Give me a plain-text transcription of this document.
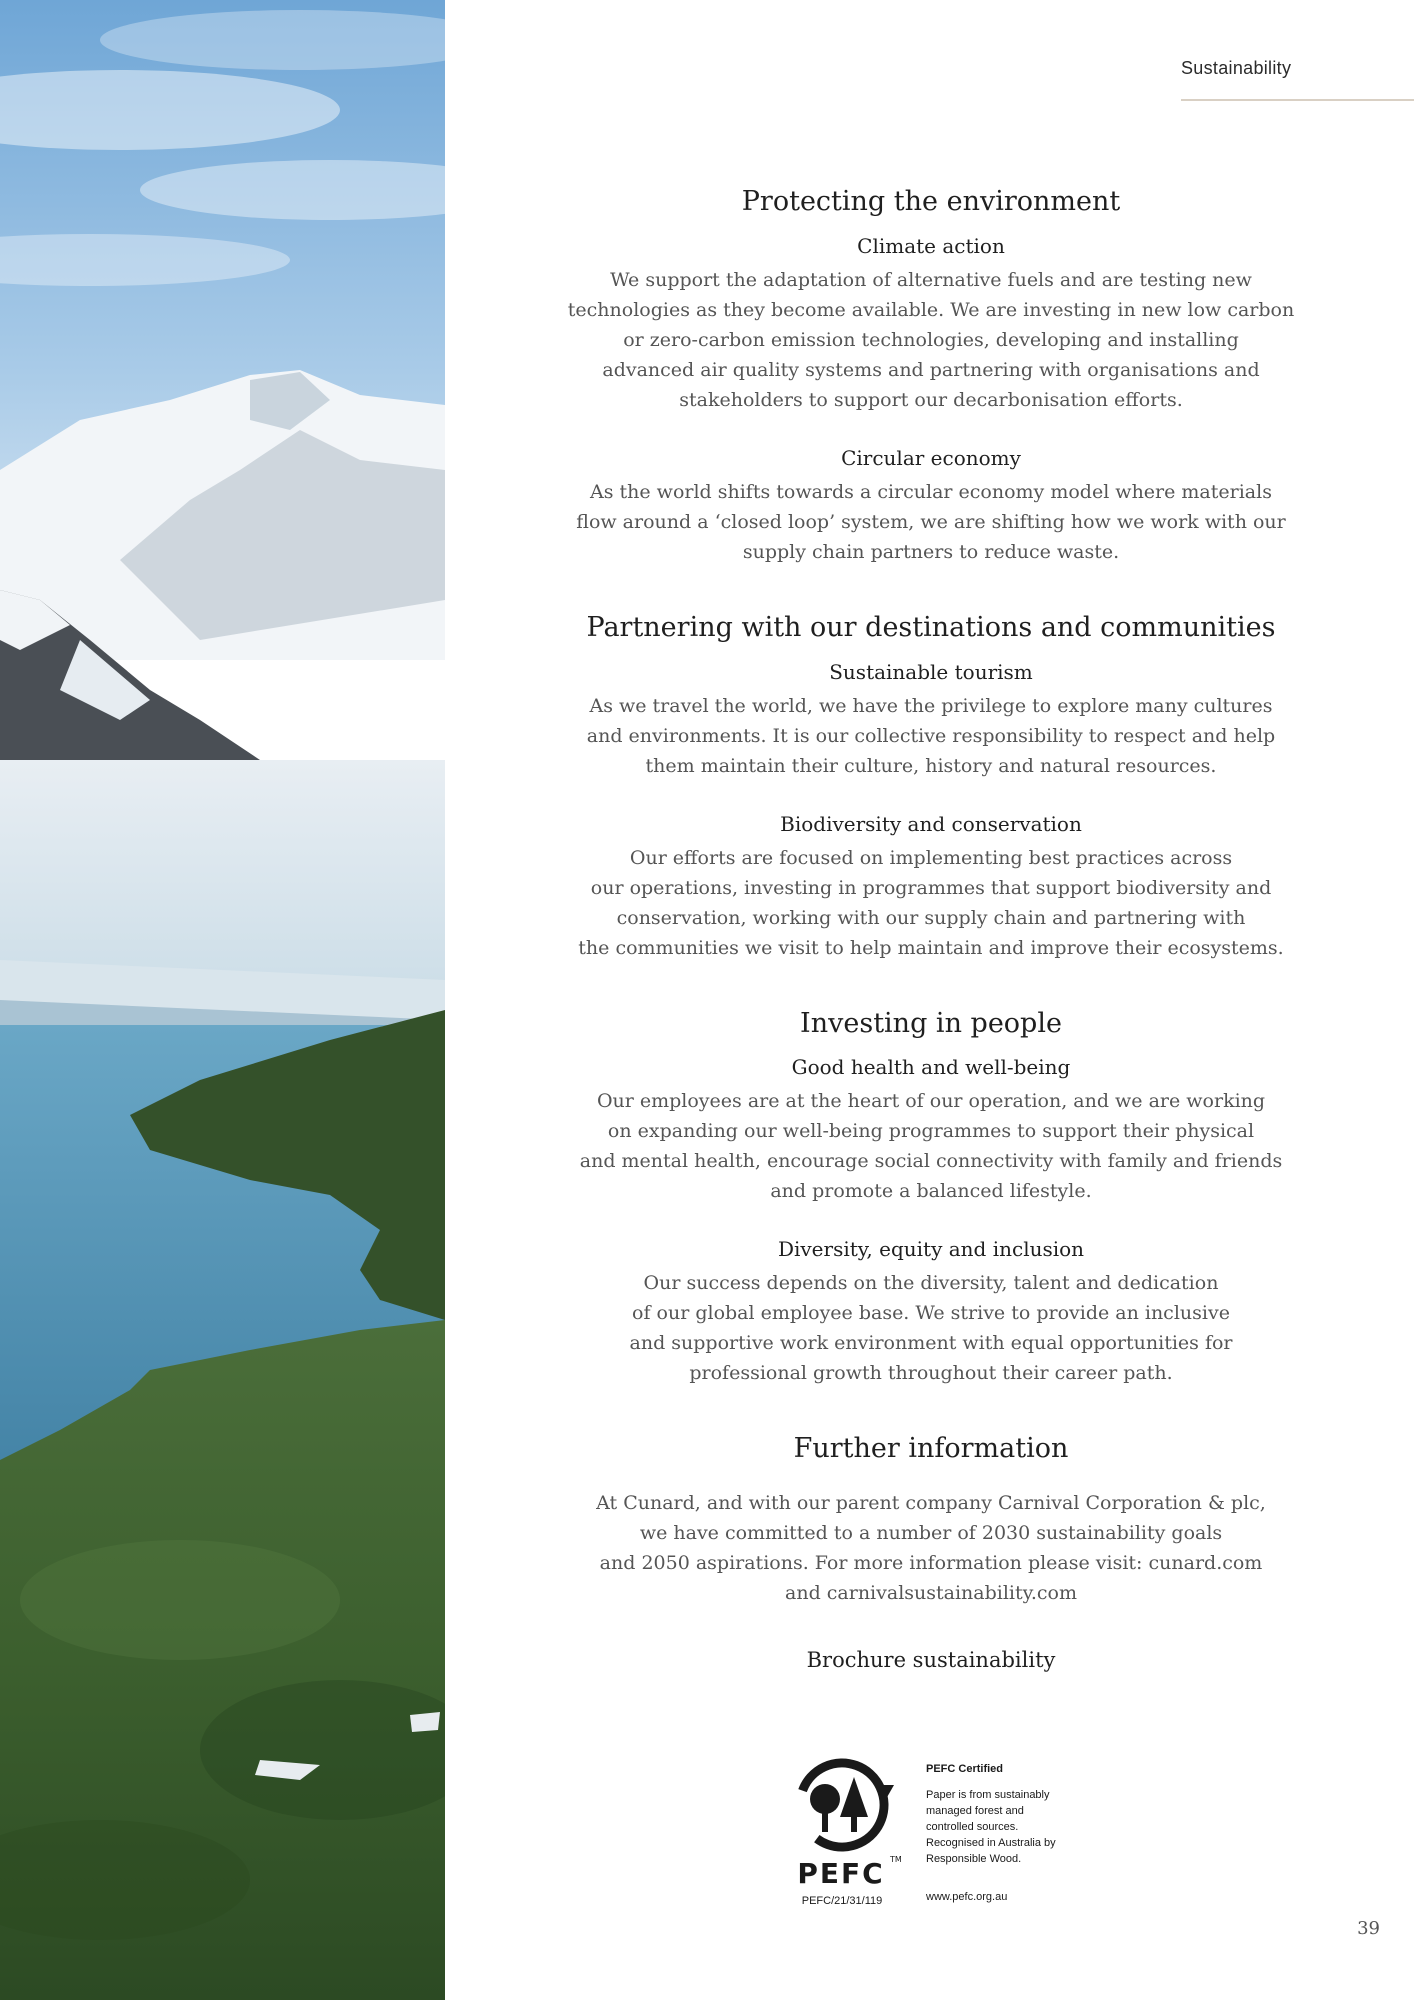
Sustainability
Protecting the environment
Climate action
We support the adaptation of alternative fuels and are testing new
technologies as they become available. We are investing in new low carbon
or zero-carbon emission technologies, developing and installing
advanced air quality systems and partnering with organisations and
stakeholders to support our decarbonisation efforts.
Circular economy
As the world shifts towards a circular economy model where materials
flow around a ‘closed loop’ system, we are shifting how we work with our
supply chain partners to reduce waste.
Partnering with our destinations and communities
Sustainable tourism
As we travel the world, we have the privilege to explore many cultures
and environments. It is our collective responsibility to respect and help
them maintain their culture, history and natural resources.
Biodiversity and conservation
Our efforts are focused on implementing best practices across
our operations, investing in programmes that support biodiversity and
conservation, working with our supply chain and partnering with
the communities we visit to help maintain and improve their ecosystems.
Investing in people
Good health and well-being
Our employees are at the heart of our operation, and we are working
on expanding our well-being programmes to support their physical
and mental health, encourage social connectivity with family and friends
and promote a balanced lifestyle.
Diversity, equity and inclusion
Our success depends on the diversity, talent and dedication
of our global employee base. We strive to provide an inclusive
and supportive work environment with equal opportunities for
professional growth throughout their career path.
Further information
At Cunard, and with our parent company Carnival Corporation & plc,
we have committed to a number of 2030 sustainability goals
and 2050 aspirations. For more information please visit: cunard.com
and carnivalsustainability.com
Brochure sustainability
PEFC TM
PEFC/21/31/119
PEFC Certified
Paper is from sustainably
managed forest and
controlled sources.
Recognised in Australia by
Responsible Wood.
www.pefc.org.au
39
